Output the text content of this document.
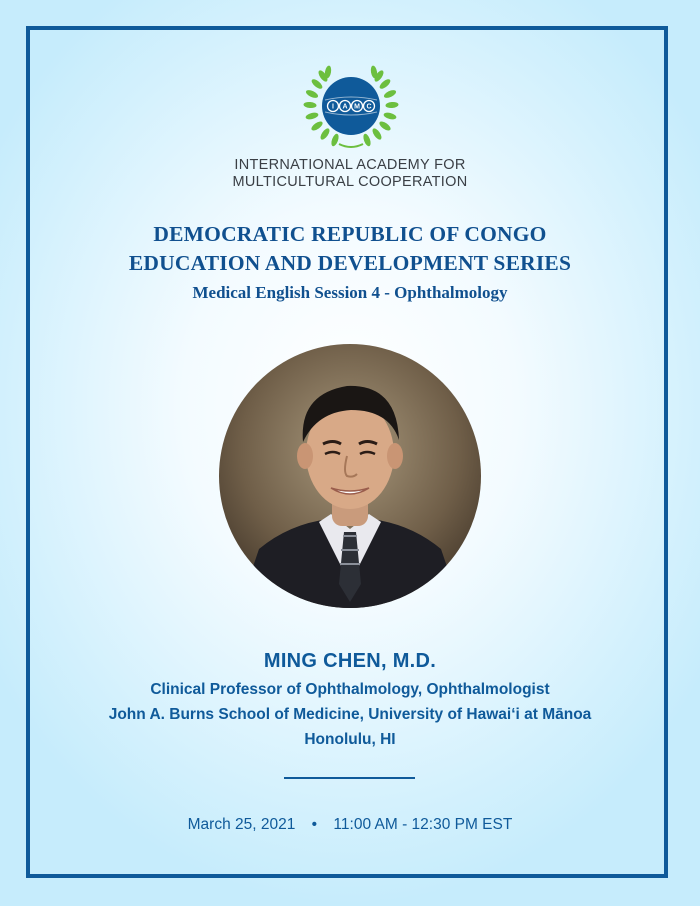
I A M C
INTERNATIONAL ACADEMY FOR
MULTICULTURAL COOPERATION
DEMOCRATIC REPUBLIC OF CONGO
EDUCATION AND DEVELOPMENT SERIES
Medical English Session 4 - Ophthalmology
MING CHEN, M.D.
Clinical Professor of Ophthalmology, Ophthalmologist
John A. Burns School of Medicine, University of Hawaiʻi at Mānoa
Honolulu, HI
March 25, 2021 • 11:00 AM - 12:30 PM EST
